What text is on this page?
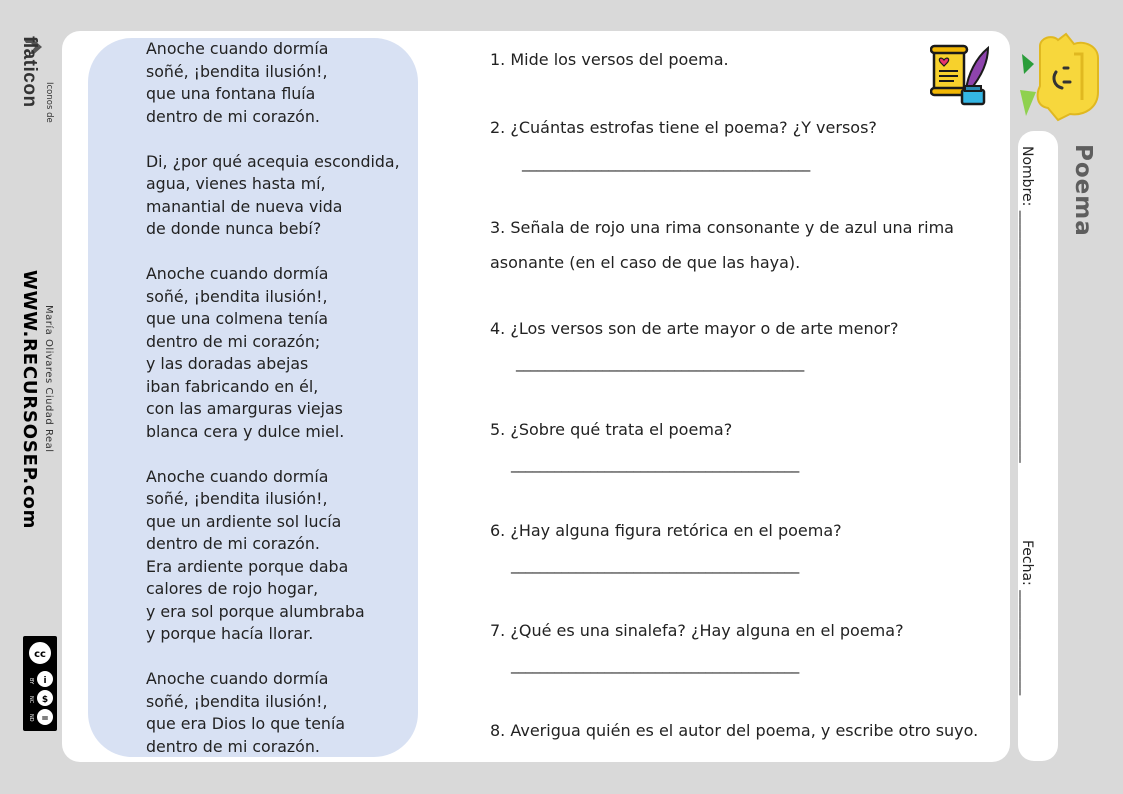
flaticon Iconos de
María Olivares Ciudad Real
WWW.RECURSOSEP.com
cc
i
$
=
BY
NC
ND
Anoche cuando dormía
soñé, ¡bendita ilusión!,
que una fontana fluía
dentro de mi corazón.
Di, ¿por qué acequia escondida,
agua, vienes hasta mí,
manantial de nueva vida
de donde nunca bebí?
Anoche cuando dormía
soñé, ¡bendita ilusión!,
que una colmena tenía
dentro de mi corazón;
y las doradas abejas
iban fabricando en él,
con las amarguras viejas
blanca cera y dulce miel.
Anoche cuando dormía
soñé, ¡bendita ilusión!,
que un ardiente sol lucía
dentro de mi corazón.
Era ardiente porque daba
calores de rojo hogar,
y era sol porque alumbraba
y porque hacía llorar.
Anoche cuando dormía
soñé, ¡bendita ilusión!,
que era Dios lo que tenía
dentro de mi corazón.
1. Mide los versos del poema.
2. ¿Cuántas estrofas tiene el poema? ¿Y versos?
________________________________________
3. Señala de rojo una rima consonante y de azul una rima
asonante (en el caso de que las haya).
4. ¿Los versos son de arte mayor o de arte menor?
________________________________________
5. ¿Sobre qué trata el poema?
________________________________________
6. ¿Hay alguna figura retórica en el poema?
________________________________________
7. ¿Qué es una sinalefa? ¿Hay alguna en el poema?
________________________________________
8. Averigua quién es el autor del poema, y escribe otro suyo.
Poema
Nombre: ____________________________________
Fecha: _______________
